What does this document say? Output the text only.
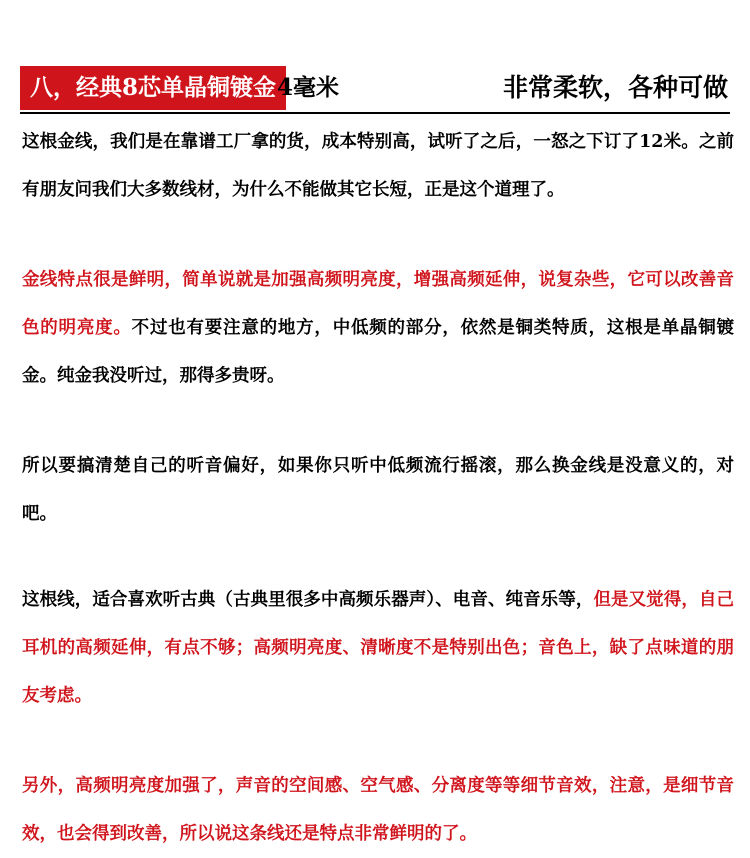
八，经典8芯单晶铜镀金 4毫米	非常柔软，各种可做

这根金线，我们是在靠谱工厂拿的货，成本特别高，试听了之后，一怒之下订了12米。之前有朋友问我们大多数线材，为什么不能做其它长短，正是这个道理了。

金线特点很是鲜明，简单说就是加强高频明亮度，增强高频延伸，说复杂些，它可以改善音色的明亮度。不过也有要注意的地方，中低频的部分，依然是铜类特质，这根是单晶铜镀金。纯金我没听过，那得多贵呀。

所以要搞清楚自己的听音偏好，如果你只听中低频流行摇滚，那么换金线是没意义的，对吧。

这根线，适合喜欢听古典（古典里很多中高频乐器声）、电音、纯音乐等，但是又觉得，自己耳机的高频延伸，有点不够；高频明亮度、清晰度不是特别出色；音色上，缺了点味道的朋友考虑。

另外，高频明亮度加强了，声音的空间感、空气感、分离度等等细节音效，注意，是细节音效，也会得到改善，所以说这条线还是特点非常鲜明的了。
